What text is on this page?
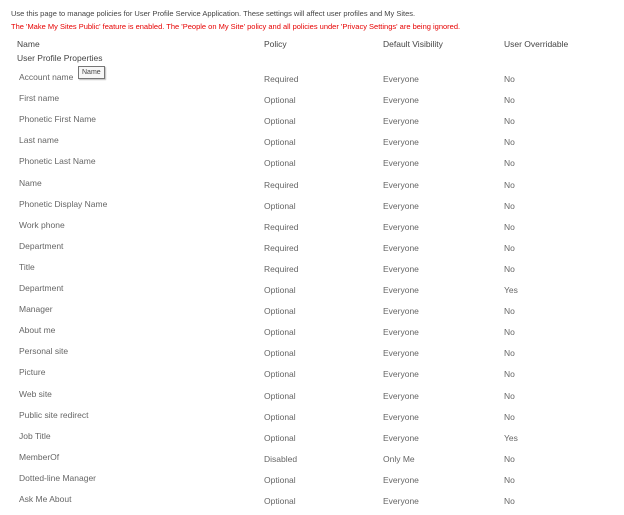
Use this page to manage policies for User Profile Service Application. These settings will affect user profiles and My Sites.
The 'Make My Sites Public' feature is enabled. The 'People on My Site' policy and all policies under 'Privacy Settings' are being ignored.
Name	Policy	Default Visibility	User Overridable
User Profile Properties
Account name	Required	Everyone	No
First name	Optional	Everyone	No
Phonetic First Name	Optional	Everyone	No
Last name	Optional	Everyone	No
Phonetic Last Name	Optional	Everyone	No
Name	Required	Everyone	No
Phonetic Display Name	Optional	Everyone	No
Work phone	Required	Everyone	No
Department	Required	Everyone	No
Title	Required	Everyone	No
Department	Optional	Everyone	Yes
Manager	Optional	Everyone	No
About me	Optional	Everyone	No
Personal site	Optional	Everyone	No
Picture	Optional	Everyone	No
Web site	Optional	Everyone	No
Public site redirect	Optional	Everyone	No
Job Title	Optional	Everyone	Yes
MemberOf	Disabled	Only Me	No
Dotted-line Manager	Optional	Everyone	No
Ask Me About	Optional	Everyone	No
Name
